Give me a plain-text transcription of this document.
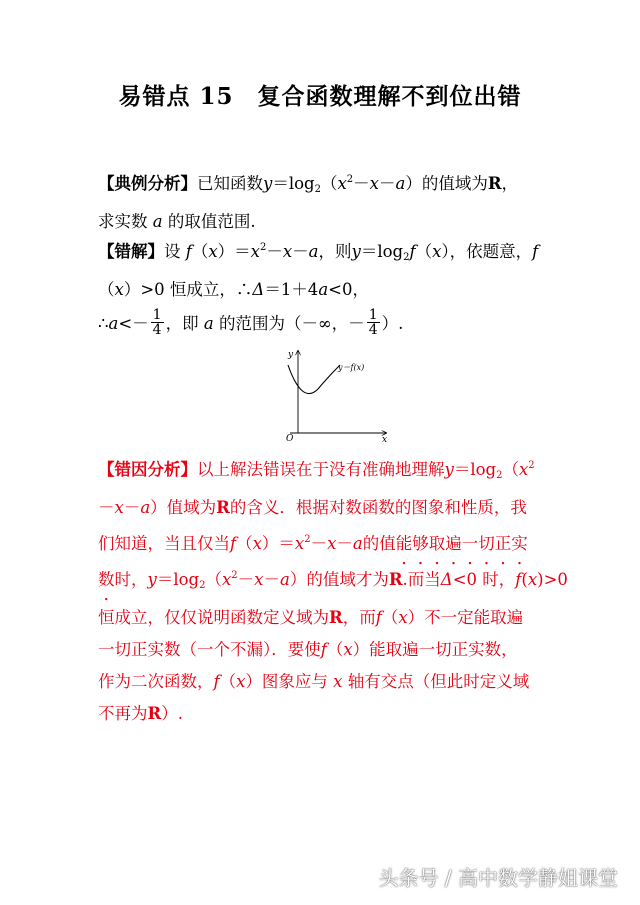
易错点 15　复合函数理解不到位出错
【典例分析】已知函数$y=\log_2(x^2-x-a)$的值域为R，
求实数 a 的取值范围.
【错解】设 $f(x)=x^2-x-a$，则$y=\log_2f(x)$，依题意，f
（x）>0 恒成立，∴Δ＝1＋4a<0，
∴a<－ $\frac{1}{4}$ ，即 a 的范围为（－∞，－ $\frac{1}{4}$ ）.
y
x
O
y＝f(x)
【错因分析】以上解法错误在于没有准确地理解$y=\log_2(x^2$
－x－a）值域为R的含义．根据对数函数的图象和性质，我
们知道，当且仅当$f(x)=x^2-x-a$的值能够取遍一切正实
数时，$y=\log_2(x^2-x-a)$的值域才为R.而当Δ<0 时，f(x)>0
恒成立，仅仅说明函数定义域为R，而f（x）不一定能取遍
一切正实数（一个不漏）．要使f（x）能取遍一切正实数，
作为二次函数，f（x）图象应与 x 轴有交点（但此时定义域
不再为R）.
头条号 / 高中数学静姐课堂
